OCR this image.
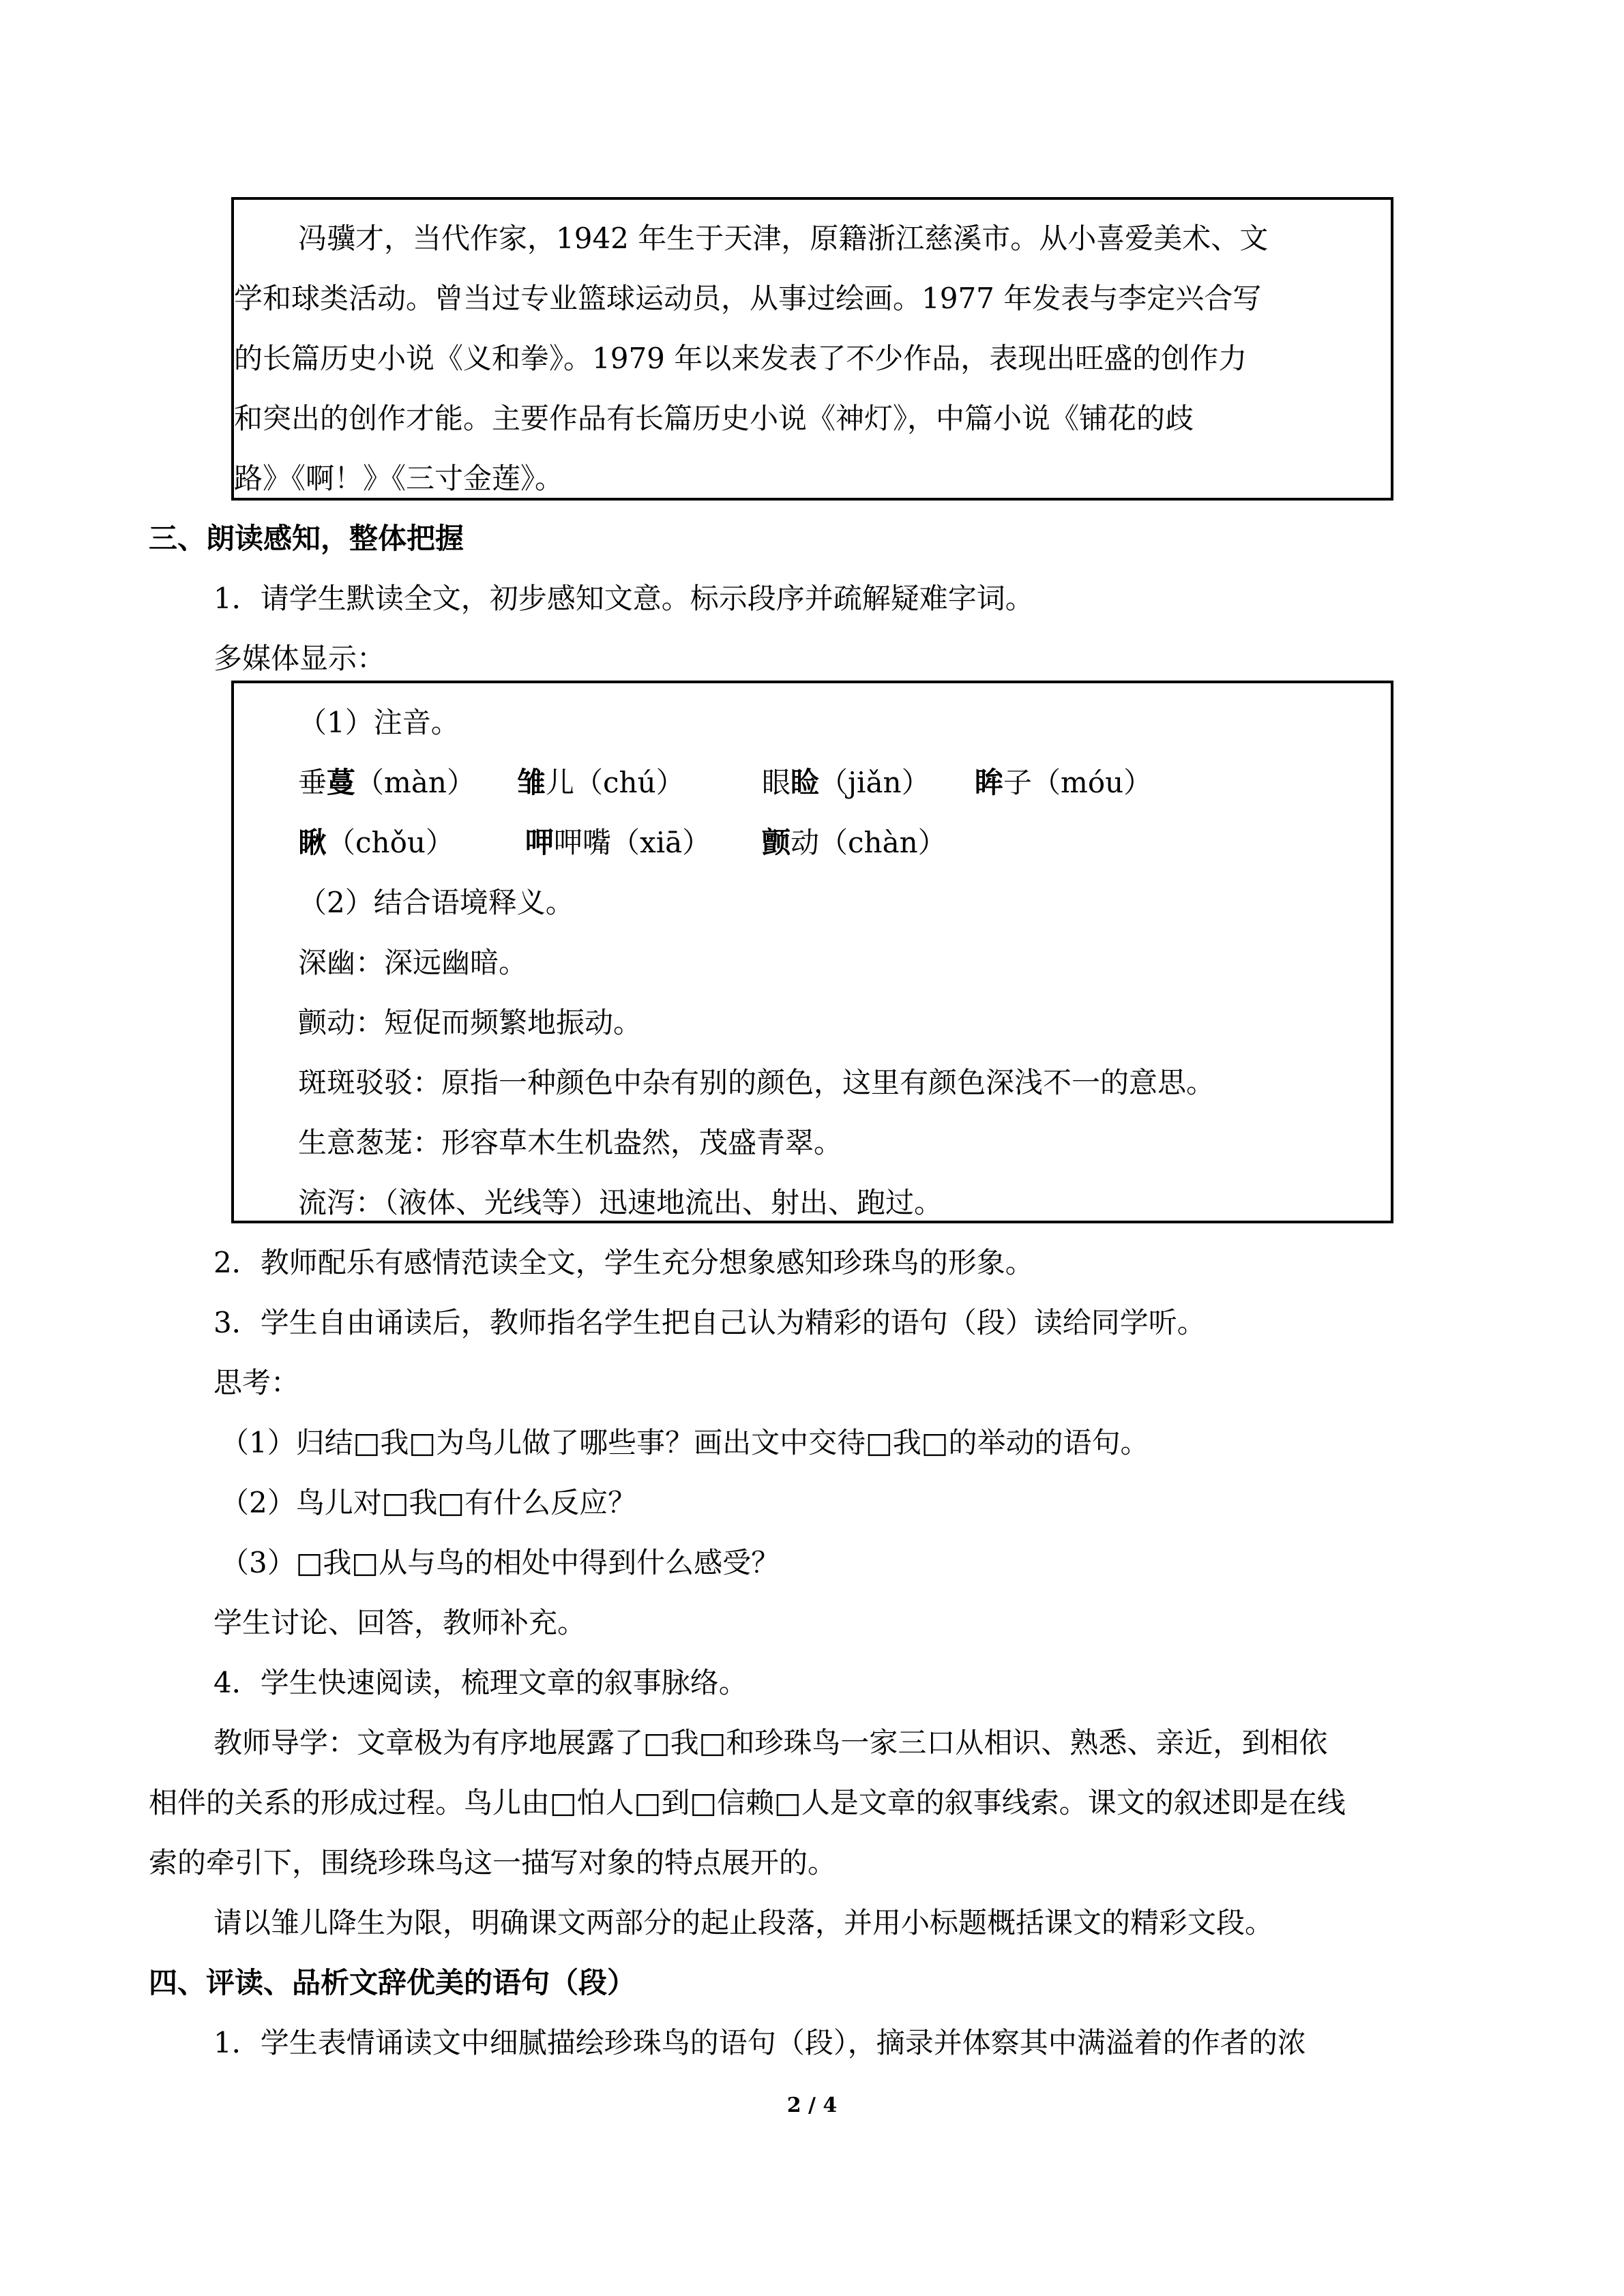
冯骥才，当代作家，1942 年生于天津，原籍浙江慈溪市。从小喜爱美术、文
学和球类活动。曾当过专业篮球运动员，从事过绘画。1977 年发表与李定兴合写
的长篇历史小说《义和拳》。1979 年以来发表了不少作品，表现出旺盛的创作力
和突出的创作才能。主要作品有长篇历史小说《神灯》，中篇小说《铺花的歧
路》《啊！》《三寸金莲》。
三、朗读感知，整体把握
1．请学生默读全文，初步感知文意。标示段序并疏解疑难字词。
多媒体显示：
（1）注音。
垂蔓（màn） 雏儿（chú）	眼睑（jiǎn） 眸子（móu）
瞅（chǒu） 呷呷嘴（xiā） 颤动（chàn）
（2）结合语境释义。
深幽：深远幽暗。
颤动：短促而频繁地振动。
斑斑驳驳：原指一种颜色中杂有别的颜色，这里有颜色深浅不一的意思。
生意葱茏：形容草木生机盎然，茂盛青翠。
流泻：（液体、光线等）迅速地流出、射出、跑过。
2．教师配乐有感情范读全文，学生充分想象感知珍珠鸟的形象。
3．学生自由诵读后，教师指名学生把自己认为精彩的语句（段）读给同学听。
思考：
（1）归结□我□为鸟儿做了哪些事？画出文中交待□我□的举动的语句。
（2）鸟儿对□我□有什么反应？
（3）□我□从与鸟的相处中得到什么感受？
学生讨论、回答，教师补充。
4．学生快速阅读，梳理文章的叙事脉络。
教师导学：文章极为有序地展露了□我□和珍珠鸟一家三口从相识、熟悉、亲近，到相依
相伴的关系的形成过程。鸟儿由□怕人□到□信赖□人是文章的叙事线索。课文的叙述即是在线
索的牵引下，围绕珍珠鸟这一描写对象的特点展开的。
请以雏儿降生为限，明确课文两部分的起止段落，并用小标题概括课文的精彩文段。
四、评读、品析文辞优美的语句（段）
1．学生表情诵读文中细腻描绘珍珠鸟的语句（段），摘录并体察其中满溢着的作者的浓
2 / 4
